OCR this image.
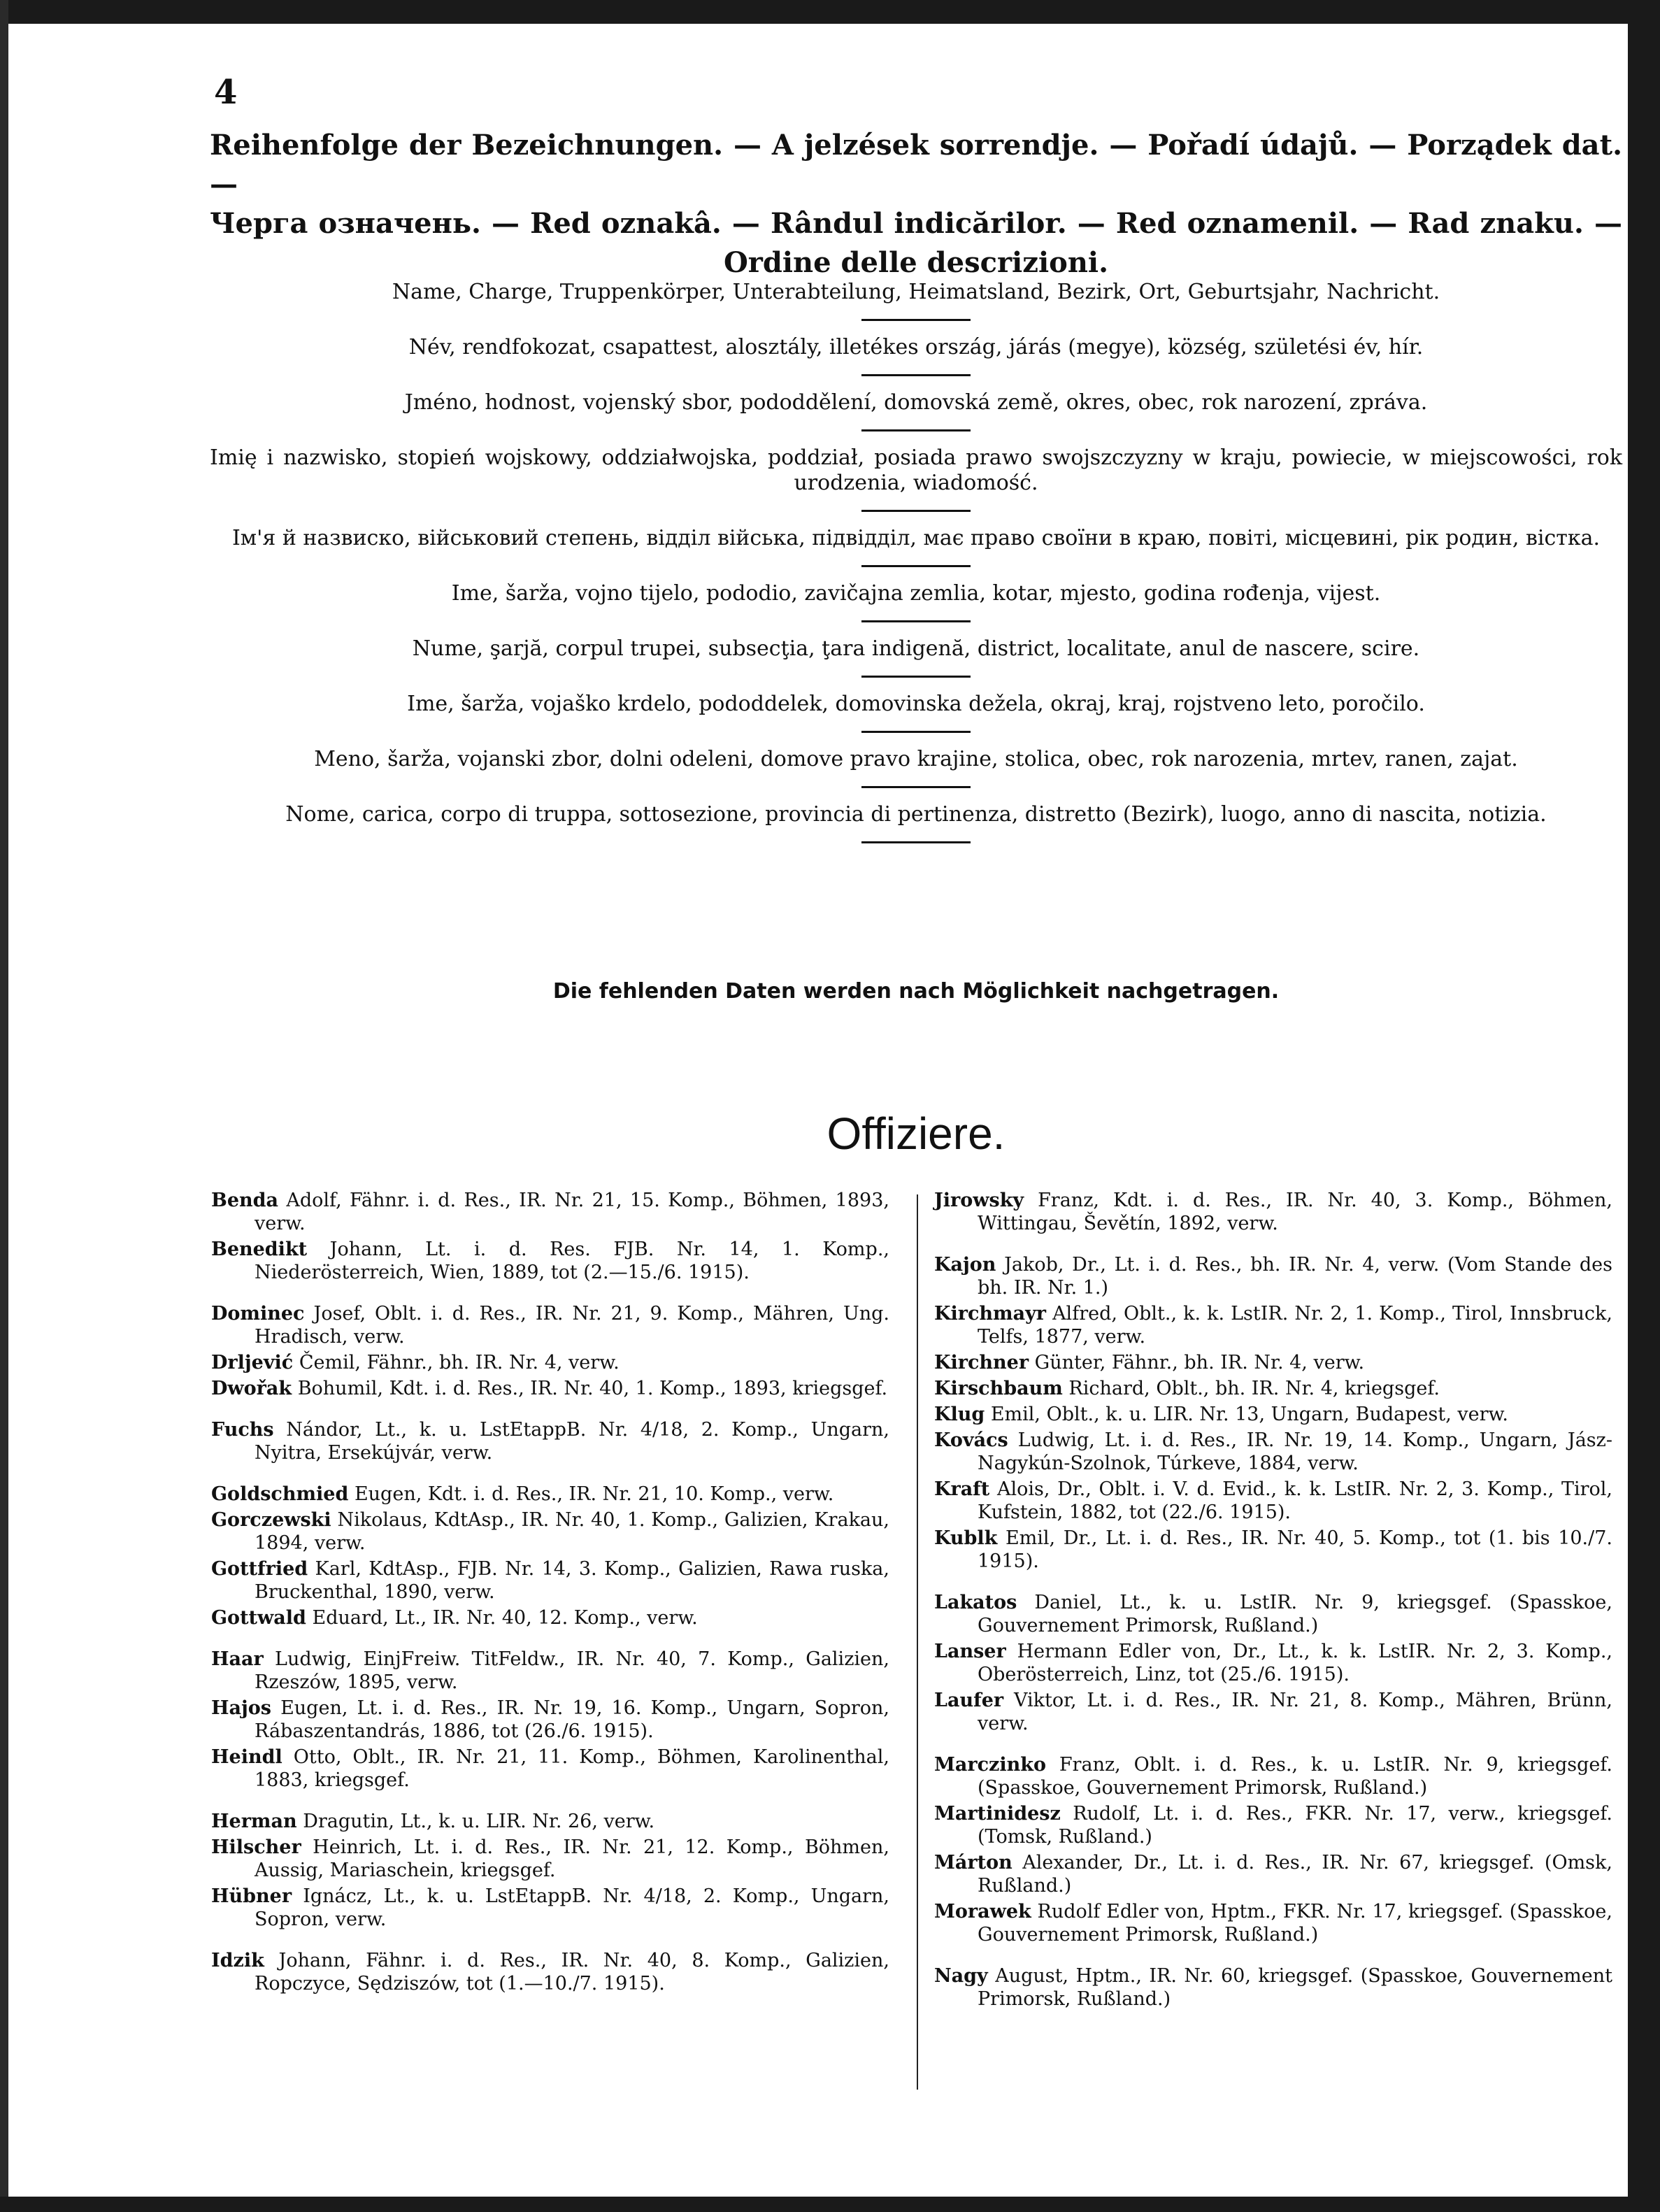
4
Reihenfolge der Bezeichnungen. — A jelzések sorrendje. — Pořadí údajů. — Porządek dat. —
Черга означень. — Red oznakâ. — Rândul indicărilor. — Red oznamenil. — Rad znaku. —
Ordine delle descrizioni.
Name, Charge, Truppenkörper, Unterabteilung, Heimatsland, Bezirk, Ort, Geburtsjahr, Nachricht.
Név, rendfokozat, csapattest, alosztály, illetékes ország, járás (megye), község, születési év, hír.
Jméno, hodnost, vojenský sbor, pododdělení, domovská země, okres, obec, rok narození, zpráva.
Imię i nazwisko, stopień wojskowy, oddziałwojska, poddział, posiada prawo swojszczyzny w kraju, powiecie, w miejscowości, rok urodzenia, wiadomość.
Ім'я й назвиско, військовий степень, відділ війська, підвідділ, має право своїни в краю, повіті, місцевині, рік родин, вістка.
Ime, šarža, vojno tijelo, pododio, zavičajna zemlia, kotar, mjesto, godina rođenja, vijest.
Nume, şarjă, corpul trupei, subsecţia, ţara indigenă, district, localitate, anul de nascere, scire.
Ime, šarža, vojaško krdelo, pododdelek, domovinska dežela, okraj, kraj, rojstveno leto, poročilo.
Meno, šarža, vojanski zbor, dolni odeleni, domove pravo krajine, stolica, obec, rok narozenia, mrtev, ranen, zajat.
Nome, carica, corpo di truppa, sottosezione, provincia di pertinenza, distretto (Bezirk), luogo, anno di nascita, notizia.
Die fehlenden Daten werden nach Möglichkeit nachgetragen.
Offiziere.
Benda Adolf, Fähnr. i. d. Res., IR. Nr. 21, 15. Komp., Böhmen, 1893, verw.
Benedikt Johann, Lt. i. d. Res. FJB. Nr. 14, 1. Komp., Niederösterreich, Wien, 1889, tot (2.—15./6. 1915).
Dominec Josef, Oblt. i. d. Res., IR. Nr. 21, 9. Komp., Mähren, Ung. Hradisch, verw.
Drljević Čemil, Fähnr., bh. IR. Nr. 4, verw.
Dwořak Bohumil, Kdt. i. d. Res., IR. Nr. 40, 1. Komp., 1893, kriegsgef.
Fuchs Nándor, Lt., k. u. LstEtappB. Nr. 4/18, 2. Komp., Ungarn, Nyitra, Ersekújvár, verw.
Goldschmied Eugen, Kdt. i. d. Res., IR. Nr. 21, 10. Komp., verw.
Gorczewski Nikolaus, KdtAsp., IR. Nr. 40, 1. Komp., Galizien, Krakau, 1894, verw.
Gottfried Karl, KdtAsp., FJB. Nr. 14, 3. Komp., Galizien, Rawa ruska, Bruckenthal, 1890, verw.
Gottwald Eduard, Lt., IR. Nr. 40, 12. Komp., verw.
Haar Ludwig, EinjFreiw. TitFeldw., IR. Nr. 40, 7. Komp., Galizien, Rzeszów, 1895, verw.
Hajos Eugen, Lt. i. d. Res., IR. Nr. 19, 16. Komp., Ungarn, Sopron, Rábaszentandrás, 1886, tot (26./6. 1915).
Heindl Otto, Oblt., IR. Nr. 21, 11. Komp., Böhmen, Karolinenthal, 1883, kriegsgef.
Herman Dragutin, Lt., k. u. LIR. Nr. 26, verw.
Hilscher Heinrich, Lt. i. d. Res., IR. Nr. 21, 12. Komp., Böhmen, Aussig, Mariaschein, kriegsgef.
Hübner Ignácz, Lt., k. u. LstEtappB. Nr. 4/18, 2. Komp., Ungarn, Sopron, verw.
Idzik Johann, Fähnr. i. d. Res., IR. Nr. 40, 8. Komp., Galizien, Ropczyce, Sędziszów, tot (1.—10./7. 1915).
Jirowsky Franz, Kdt. i. d. Res., IR. Nr. 40, 3. Komp., Böhmen, Wittingau, Ševětín, 1892, verw.
Kajon Jakob, Dr., Lt. i. d. Res., bh. IR. Nr. 4, verw. (Vom Stande des bh. IR. Nr. 1.)
Kirchmayr Alfred, Oblt., k. k. LstIR. Nr. 2, 1. Komp., Tirol, Innsbruck, Telfs, 1877, verw.
Kirchner Günter, Fähnr., bh. IR. Nr. 4, verw.
Kirschbaum Richard, Oblt., bh. IR. Nr. 4, kriegsgef.
Klug Emil, Oblt., k. u. LIR. Nr. 13, Ungarn, Budapest, verw.
Kovács Ludwig, Lt. i. d. Res., IR. Nr. 19, 14. Komp., Ungarn, Jász-Nagykún-Szolnok, Túrkeve, 1884, verw.
Kraft Alois, Dr., Oblt. i. V. d. Evid., k. k. LstIR. Nr. 2, 3. Komp., Tirol, Kufstein, 1882, tot (22./6. 1915).
Kublk Emil, Dr., Lt. i. d. Res., IR. Nr. 40, 5. Komp., tot (1. bis 10./7. 1915).
Lakatos Daniel, Lt., k. u. LstIR. Nr. 9, kriegsgef. (Spasskoe, Gouvernement Primorsk, Rußland.)
Lanser Hermann Edler von, Dr., Lt., k. k. LstIR. Nr. 2, 3. Komp., Oberösterreich, Linz, tot (25./6. 1915).
Laufer Viktor, Lt. i. d. Res., IR. Nr. 21, 8. Komp., Mähren, Brünn, verw.
Marczinko Franz, Oblt. i. d. Res., k. u. LstIR. Nr. 9, kriegsgef. (Spasskoe, Gouvernement Primorsk, Rußland.)
Martinidesz Rudolf, Lt. i. d. Res., FKR. Nr. 17, verw., kriegsgef. (Tomsk, Rußland.)
Márton Alexander, Dr., Lt. i. d. Res., IR. Nr. 67, kriegsgef. (Omsk, Rußland.)
Morawek Rudolf Edler von, Hptm., FKR. Nr. 17, kriegsgef. (Spasskoe, Gouvernement Primorsk, Rußland.)
Nagy August, Hptm., IR. Nr. 60, kriegsgef. (Spasskoe, Gouvernement Primorsk, Rußland.)
